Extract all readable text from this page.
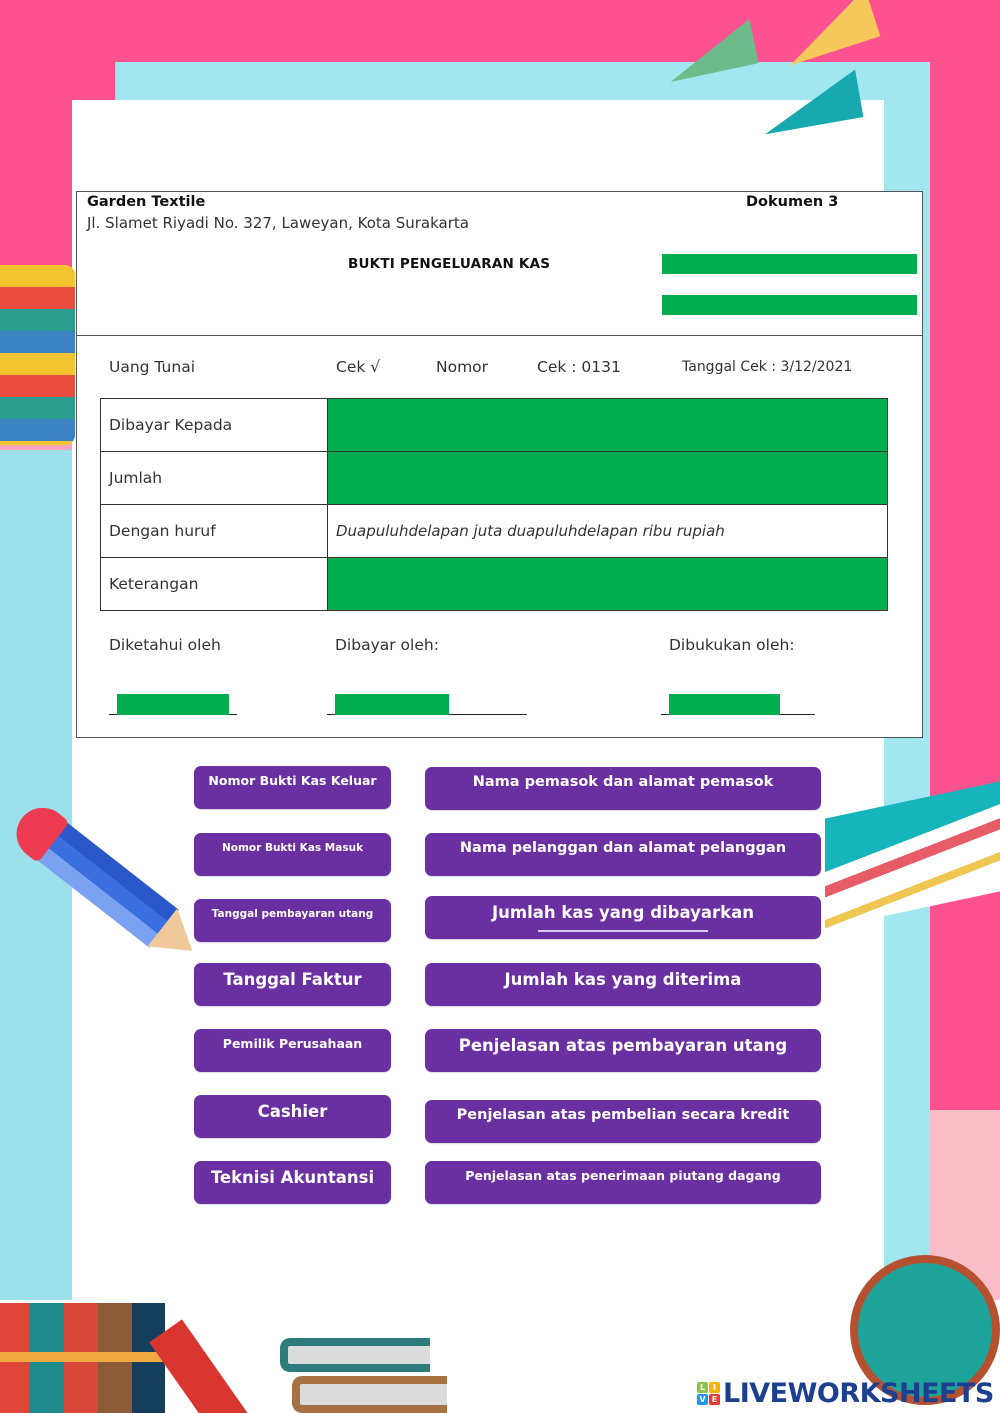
Garden Textile
Jl. Slamet Riyadi No. 327, Laweyan, Kota Surakarta
Dokumen 3
BUKTI PENGELUARAN KAS
Uang Tunai	Cek √	Nomor	Cek : 0131	Tanggal Cek : 3/12/2021
Dibayar Kepada	
Jumlah	
Dengan huruf	Duapuluhdelapan juta duapuluhdelapan ribu rupiah
Keterangan	
Diketahui oleh	Dibayar oleh:	Dibukukan oleh:
Nomor Bukti Kas Keluar
Nomor Bukti Kas Masuk
Tanggal pembayaran utang
Tanggal Faktur
Pemilik Perusahaan
Cashier
Teknisi Akuntansi
Nama pemasok dan alamat pemasok
Nama pelanggan dan alamat pelanggan
Jumlah kas yang dibayarkan
Jumlah kas yang diterima
Penjelasan atas pembayaran utang
Penjelasan atas pembelian secara kredit
Penjelasan atas penerimaan piutang dagang
L I
V E LIVEWORKSHEETS
